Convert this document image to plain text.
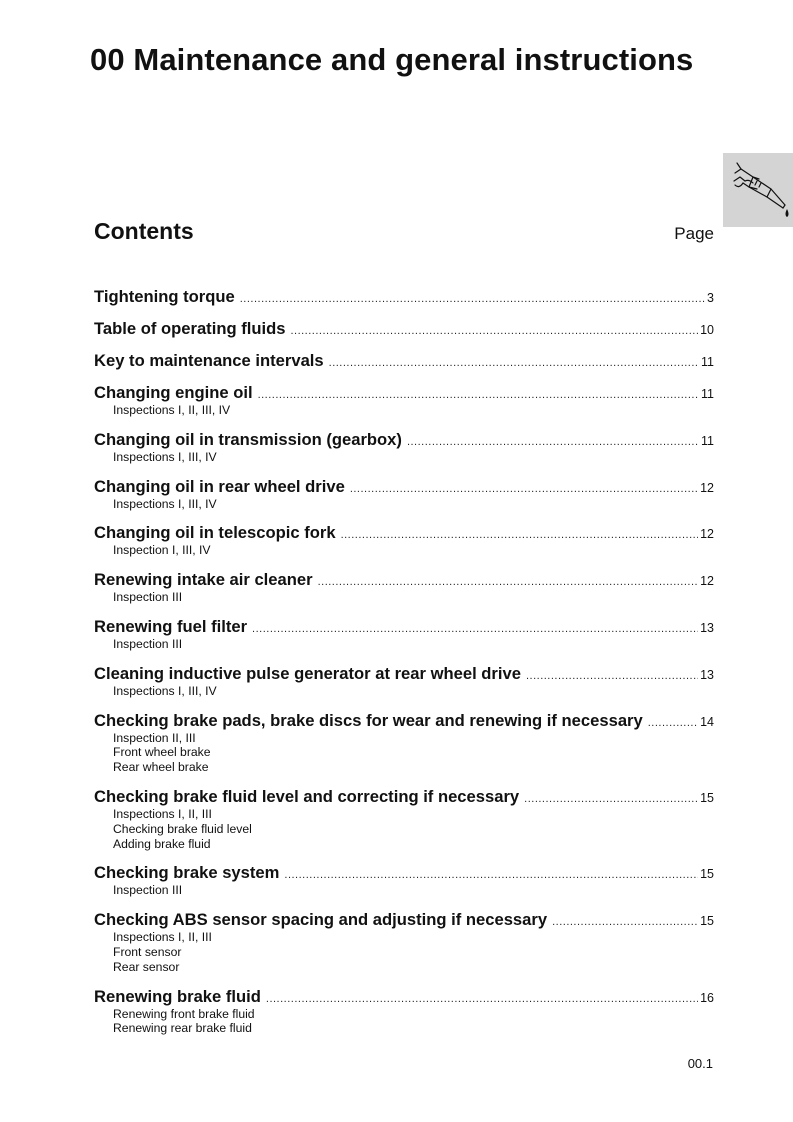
00 Maintenance and general instructions
Contents	Page
Tightening torque .....	3
Table of operating fluids .....	10
Key to maintenance intervals .....	11
Changing engine oil .....	11
Inspections I, II, III, IV
Changing oil in transmission (gearbox) .....	11
Inspections I, III, IV
Changing oil in rear wheel drive .....	12
Inspections I, III, IV
Changing oil in telescopic fork .....	12
Inspection I, III, IV
Renewing intake air cleaner .....	12
Inspection III
Renewing fuel filter .....	13
Inspection III
Cleaning inductive pulse generator at rear wheel drive .....	13
Inspections I, III, IV
Checking brake pads, brake discs for wear and renewing if necessary .....	14
Inspection II, III
Front wheel brake
Rear wheel brake
Checking brake fluid level and correcting if necessary .....	15
Inspections I, II, III
Checking brake fluid level
Adding brake fluid
Checking brake system .....	15
Inspection III
Checking ABS sensor spacing and adjusting if necessary .....	15
Inspections I, II, III
Front sensor
Rear sensor
Renewing brake fluid .....	16
Renewing front brake fluid
Renewing rear brake fluid
00.1
